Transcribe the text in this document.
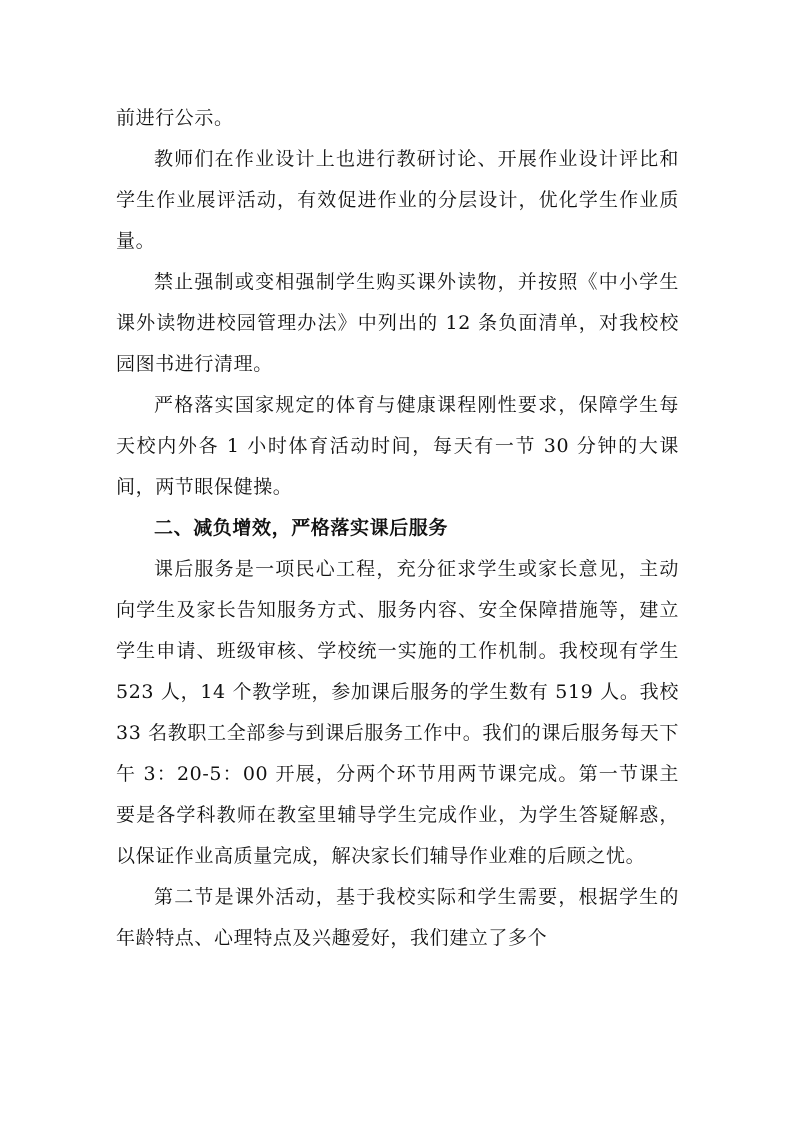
前进行公示。

教师们在作业设计上也进行教研讨论、开展作业设计评比和学生作业展评活动，有效促进作业的分层设计，优化学生作业质量。

禁止强制或变相强制学生购买课外读物，并按照《中小学生课外读物进校园管理办法》中列出的 12 条负面清单，对我校校园图书进行清理。

严格落实国家规定的体育与健康课程刚性要求，保障学生每天校内外各 1 小时体育活动时间，每天有一节 30 分钟的大课间，两节眼保健操。

二、减负增效，严格落实课后服务

课后服务是一项民心工程，充分征求学生或家长意见，主动向学生及家长告知服务方式、服务内容、安全保障措施等，建立学生申请、班级审核、学校统一实施的工作机制。我校现有学生 523 人，14 个教学班，参加课后服务的学生数有 519 人。我校 33 名教职工全部参与到课后服务工作中。我们的课后服务每天下午 3：20-5：00 开展，分两个环节用两节课完成。第一节课主要是各学科教师在教室里辅导学生完成作业，为学生答疑解惑，以保证作业高质量完成，解决家长们辅导作业难的后顾之忧。

第二节是课外活动，基于我校实际和学生需要，根据学生的年龄特点、心理特点及兴趣爱好，我们建立了多个
